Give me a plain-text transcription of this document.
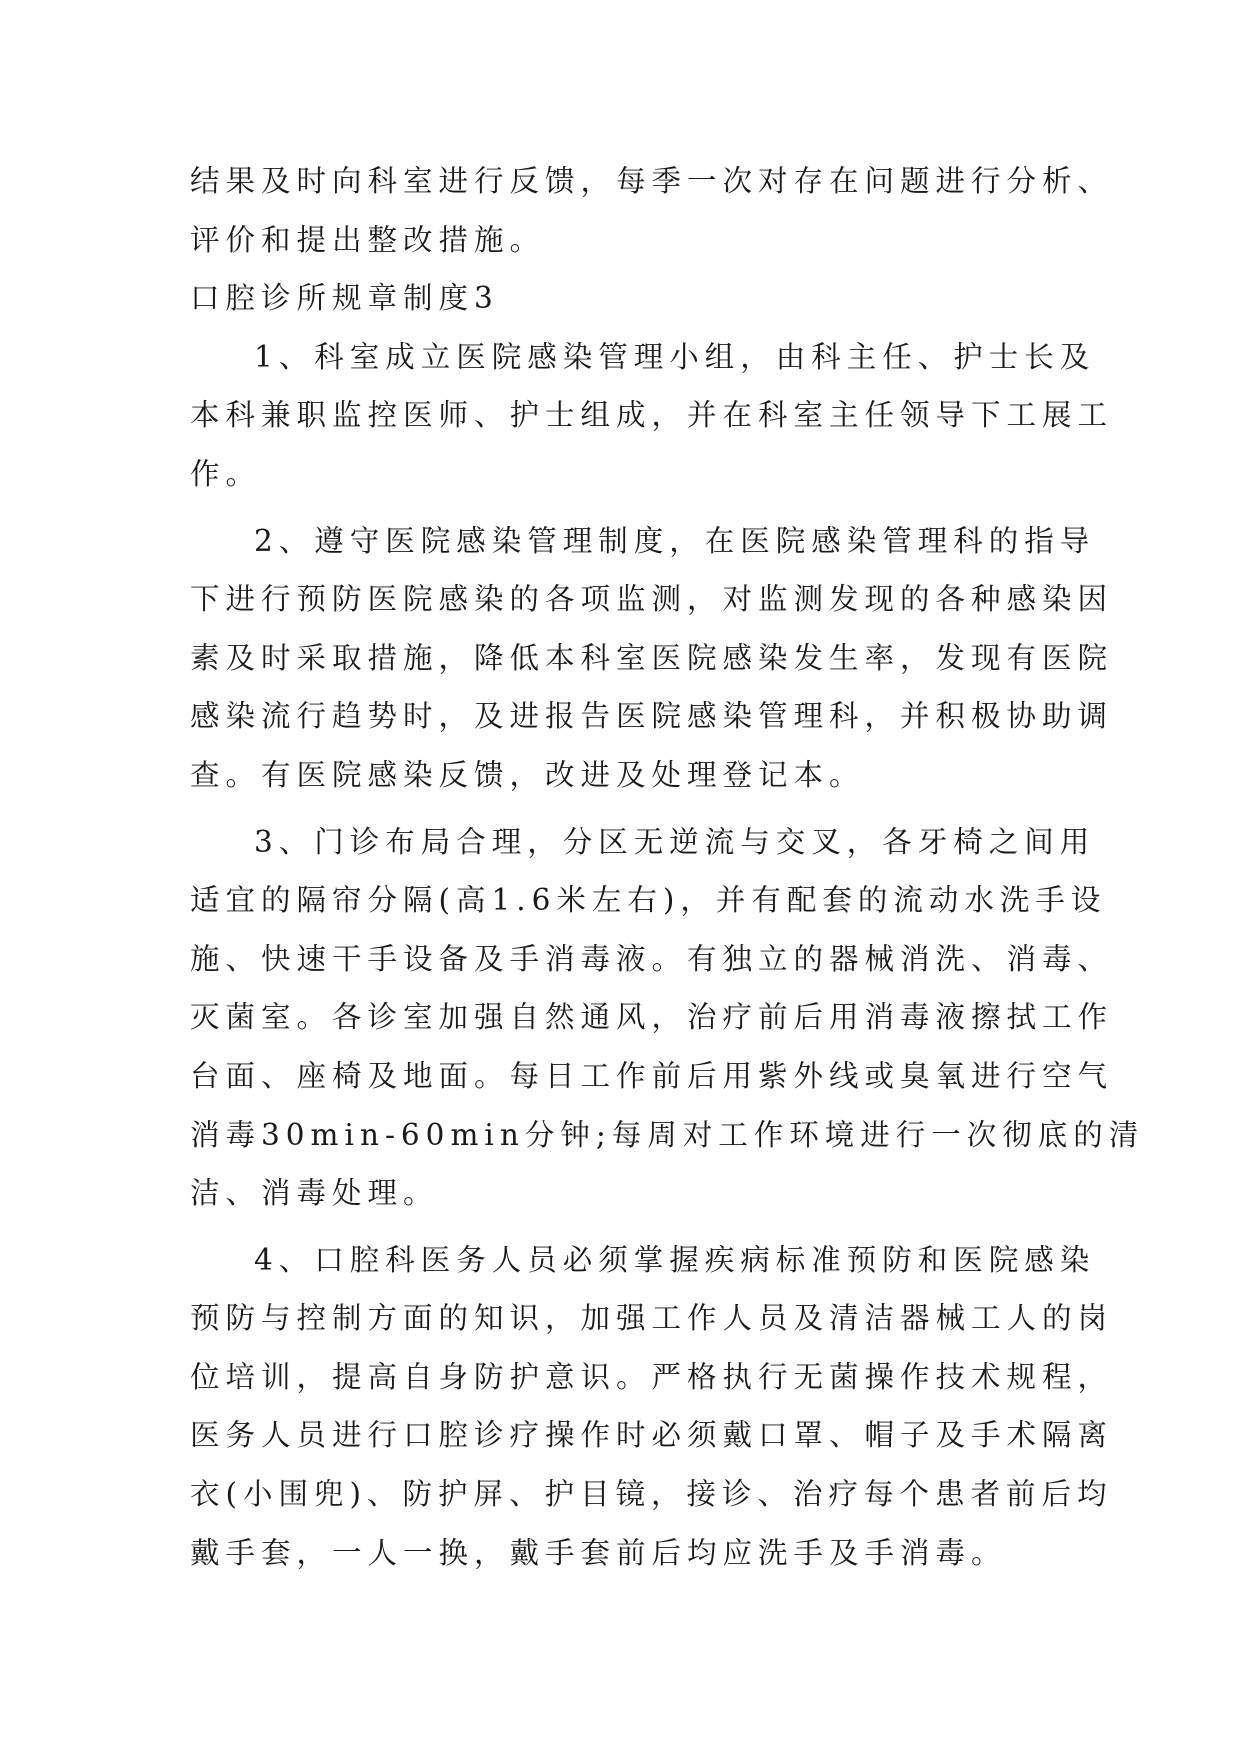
结果及时向科室进行反馈，每季一次对存在问题进行分析、
评价和提出整改措施。
口腔诊所规章制度3
1、科室成立医院感染管理小组，由科主任、护士长及
本科兼职监控医师、护士组成，并在科室主任领导下工展工
作。
2、遵守医院感染管理制度，在医院感染管理科的指导
下进行预防医院感染的各项监测，对监测发现的各种感染因
素及时采取措施，降低本科室医院感染发生率，发现有医院
感染流行趋势时，及进报告医院感染管理科，并积极协助调
查。有医院感染反馈，改进及处理登记本。
3、门诊布局合理，分区无逆流与交叉，各牙椅之间用
适宜的隔帘分隔(高1.6米左右)，并有配套的流动水洗手设
施、快速干手设备及手消毒液。有独立的器械消洗、消毒、
灭菌室。各诊室加强自然通风，治疗前后用消毒液擦拭工作
台面、座椅及地面。每日工作前后用紫外线或臭氧进行空气
消毒30min-60min分钟;每周对工作环境进行一次彻底的清
洁、消毒处理。
4、口腔科医务人员必须掌握疾病标准预防和医院感染
预防与控制方面的知识，加强工作人员及清洁器械工人的岗
位培训，提高自身防护意识。严格执行无菌操作技术规程，
医务人员进行口腔诊疗操作时必须戴口罩、帽子及手术隔离
衣(小围兜)、防护屏、护目镜，接诊、治疗每个患者前后均
戴手套，一人一换，戴手套前后均应洗手及手消毒。
